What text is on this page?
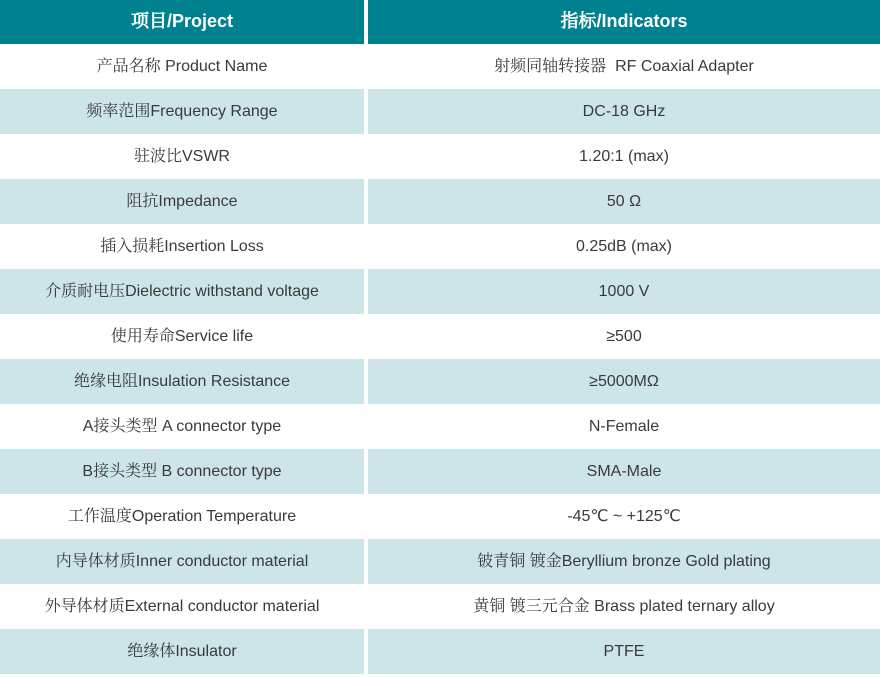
项目/Project	指标/Indicators
产品名称 Product Name	射频同轴转接器  RF Coaxial Adapter
频率范围Frequency Range	DC-18 GHz
驻波比VSWR	1.20:1 (max)
阻抗Impedance	50 Ω
插入损耗Insertion Loss	0.25dB (max)
介质耐电压Dielectric withstand voltage	1000 V
使用寿命Service life	≥500
绝缘电阻Insulation Resistance	≥5000MΩ
A接头类型 A connector type	N-Female
B接头类型 B connector type	SMA-Male
工作温度Operation Temperature	-45℃ ~ +125℃
内导体材质Inner conductor material	铍青铜 镀金Beryllium bronze Gold plating
外导体材质External conductor material	黄铜 镀三元合金 Brass plated ternary alloy
绝缘体Insulator	PTFE
